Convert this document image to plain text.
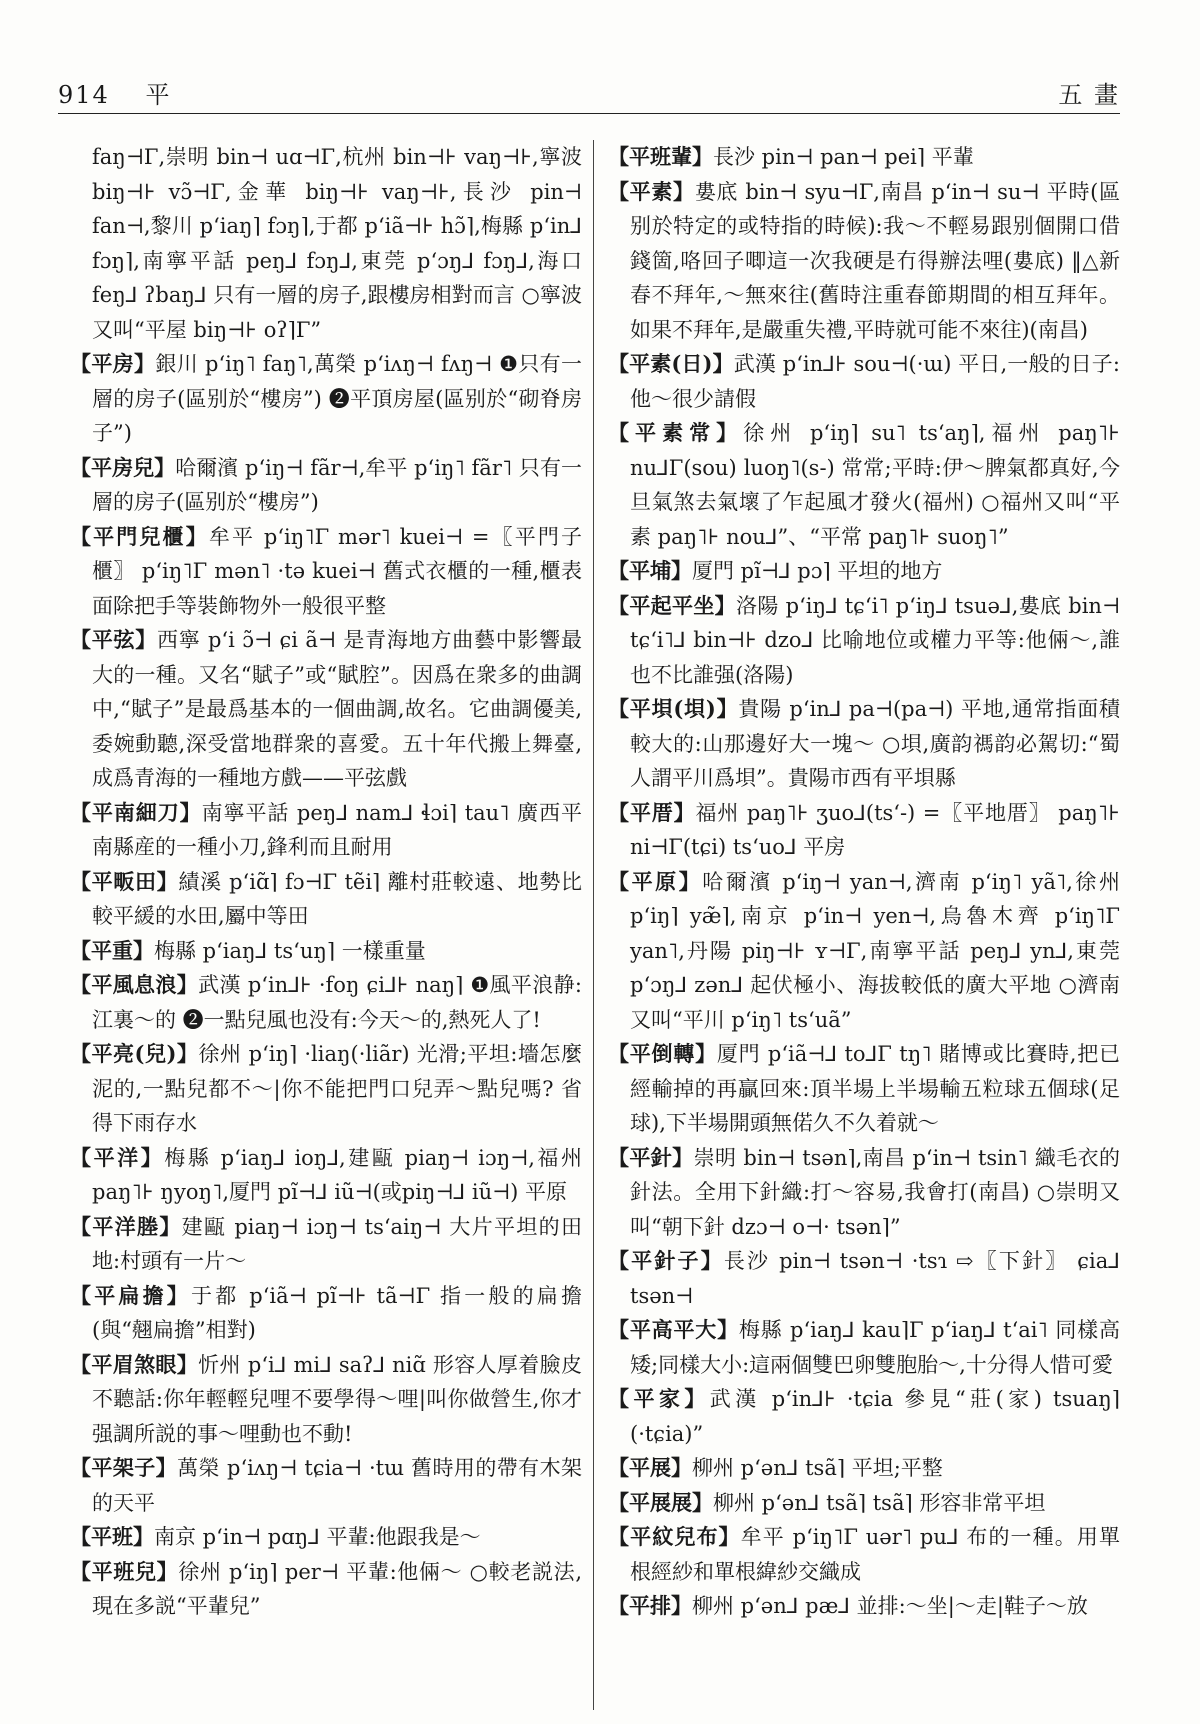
914 平	五 畫
faŋ⊣Γ,崇明 bin⊣ uɑ⊣Γ,杭州 bin⊣⊦ vaŋ⊣⊦,寧波 biŋ⊣⊦ vɔ̃⊣Γ,金華 biŋ⊣⊦ vaŋ⊣⊦,長沙 pin⊣ fan⊣,黎川 pʻiaŋ⌉ fɔŋ⌉,于都 pʻiã⊣⊦ hɔ̃⌉,梅縣 pʻin⅃ fɔŋ⌉,南寧平話 peŋ⅃ fɔŋ⅃,東莞 pʻɔŋ⅃ fɔŋ⅃,海口 feŋ⅃ ʔbaŋ⅃ 只有一層的房子,跟樓房相對而言 ○寧波又叫“平屋 biŋ⊣⊦ oʔ⌉Γ”
【平房】銀川 pʻiŋ˥ faŋ˥,萬榮 pʻiʌŋ⊣ fʌŋ⊣ ❶只有一層的房子(區别於“樓房”) ❷平頂房屋(區别於“砌脊房子”)
【平房兒】哈爾濱 pʻiŋ⊣ fãr⊣,牟平 pʻiŋ˥ fãr˥ 只有一層的房子(區别於“樓房”)
【平門兒櫃】牟平 pʻiŋ˥Γ mər˥ kuei⊣ =〖平門子櫃〗 pʻiŋ˥Γ mən˥ ·tə kuei⊣ 舊式衣櫃的一種,櫃表面除把手等裝飾物外一般很平整
【平弦】西寧 pʻi ɔ̃⊣ ɕi ã⊣ 是青海地方曲藝中影響最大的一種。又名“賦子”或“賦腔”。因爲在衆多的曲調中,“賦子”是最爲基本的一個曲調,故名。它曲調優美,委婉動聽,深受當地群衆的喜愛。五十年代搬上舞臺,成爲青海的一種地方戲——平弦戲
【平南細刀】南寧平話 peŋ⅃ nam⅃ ɬɔi⌉ tau˥ 廣西平南縣産的一種小刀,鋒利而且耐用
【平畈田】績溪 pʻiɑ̃⌉ fɔ⊣Γ tẽi⌉ 離村莊較遠、地勢比較平緩的水田,屬中等田
【平重】梅縣 pʻiaŋ⅃ tsʻuŋ⌉ 一樣重量
【平風息浪】武漢 pʻin⅃⊦ ·foŋ ɕi⅃⊦ naŋ⌉ ❶風平浪静:江裏～的 ❷一點兒風也没有:今天～的,熱死人了!
【平亮(兒)】徐州 pʻiŋ⌉ ·liaŋ(·liãr) 光滑;平坦:墻怎麼泥的,一點兒都不～|你不能把門口兒弄～點兒嗎? 省得下雨存水
【平洋】梅縣 pʻiaŋ⅃ ioŋ⅃,建甌 piaŋ⊣ iɔŋ⊣,福州 paŋ˥⊦ ŋyoŋ˥,厦門 pĩ⊣⅃ iũ⊣(或piŋ⊣⅃ iũ⊣) 平原
【平洋塍】建甌 piaŋ⊣ iɔŋ⊣ tsʻaiŋ⊣ 大片平坦的田地:村頭有一片～
【平扁擔】于都 pʻiã⊣ pĩ⊣⊦ tã⊣Γ 指一般的扁擔(與“翹扁擔”相對)
【平眉煞眼】忻州 pʻi⅃ mi⅃ saʔ⅃ niɑ̃ 形容人厚着臉皮不聽話:你年輕輕兒哩不要學得～哩|叫你做營生,你才强調所説的事～哩動也不動!
【平架子】萬榮 pʻiʌŋ⊣ tɕia⊣ ·tɯ 舊時用的帶有木架的天平
【平班】南京 pʻin⊣ pɑŋ⅃ 平輩:他跟我是～
【平班兒】徐州 pʻiŋ⌉ per⊣ 平輩:他倆～ ○較老説法,現在多説“平輩兒”
【平班輩】長沙 pin⊣ pan⊣ pei⌉ 平輩
【平素】婁底 bin⊣ syu⊣Γ,南昌 pʻin⊣ su⊣ 平時(區别於特定的或特指的時候):我～不輕易跟别個開口借錢箇,咯回子唧這一次我硬是冇得辦法哩(婁底) ‖△新春不拜年,～無來往(舊時注重春節期間的相互拜年。如果不拜年,是嚴重失禮,平時就可能不來往)(南昌)
【平素(日)】武漢 pʻin⅃⊦ sou⊣(·ɯ) 平日,一般的日子:他～很少請假
【平素常】徐州 pʻiŋ⌉ su˥ tsʻaŋ⌉,福州 paŋ˥⊦ nu⅃Γ(sou) luoŋ˥(s-) 常常;平時:伊～脾氣都真好,今旦氣煞去氣壞了乍起風才發火(福州) ○福州又叫“平素 paŋ˥⊦ nou⅃”、“平常 paŋ˥⊦ suoŋ˥”
【平埔】厦門 pĩ⊣⅃ pɔ⌉ 平坦的地方
【平起平坐】洛陽 pʻiŋ⅃ tɕʻi˥ pʻiŋ⅃ tsuə⅃,婁底 bin⊣ tɕʻi˥⅃ bin⊣⊦ dzo⅃ 比喻地位或權力平等:他倆～,誰也不比誰强(洛陽)
【平垻(垻)】貴陽 pʻin⅃ pa⊣(pa⊣) 平地,通常指面積較大的:山那邊好大一塊～ ○垻,廣韵禡韵必駕切:“蜀人謂平川爲垻”。貴陽市西有平垻縣
【平厝】福州 paŋ˥⊦ ʒuo⅃(tsʻ-) =〖平地厝〗 paŋ˥⊦ ni⊣Γ(tɕi) tsʻuo⅃ 平房
【平原】哈爾濱 pʻiŋ⊣ yan⊣,濟南 pʻiŋ˥ yã˥,徐州 pʻiŋ⌉ yæ̃⌉,南京 pʻin⊣ yen⊣,烏魯木齊 pʻiŋ˥Γ yan˥,丹陽 piŋ⊣⊦ ʏ⊣Γ,南寧平話 peŋ⅃ yn⅃,東莞 pʻɔŋ⅃ zən⅃ 起伏極小、海拔較低的廣大平地 ○濟南又叫“平川 pʻiŋ˥ tsʻuã”
【平倒轉】厦門 pʻiã⊣⅃ to⅃Γ tŋ˥ 賭博或比賽時,把已經輸掉的再贏回來:頂半場上半場輸五粒球五個球(足球),下半場開頭無偌久不久着就～
【平針】崇明 bin⊣ tsən⌉,南昌 pʻin⊣ tsin˥ 織毛衣的針法。全用下針織:打～容易,我會打(南昌) ○崇明又叫“朝下針 dzɔ⊣ o⊣· tsən⌉”
【平針子】長沙 pin⊣ tsən⊣ ·tsɿ ⇨〖下針〗 ɕia⅃ tsən⊣
【平高平大】梅縣 pʻiaŋ⅃ kau⌉Γ pʻiaŋ⅃ tʻai˥ 同樣高矮;同樣大小:這兩個雙巴卵雙胞胎～,十分得人惜可愛
【平家】武漢 pʻin⅃⊦ ·tɕia 參見“莊(家) tsuaŋ⌉(·tɕia)”
【平展】柳州 pʻən⅃ tsã⌉ 平坦;平整
【平展展】柳州 pʻən⅃ tsã⌉ tsã⌉ 形容非常平坦
【平紋兒布】牟平 pʻiŋ˥Γ uər˥ pu⅃ 布的一種。用單根經紗和單根緯紗交織成
【平排】柳州 pʻən⅃ pæ⅃ 並排:～坐|～走|鞋子～放
